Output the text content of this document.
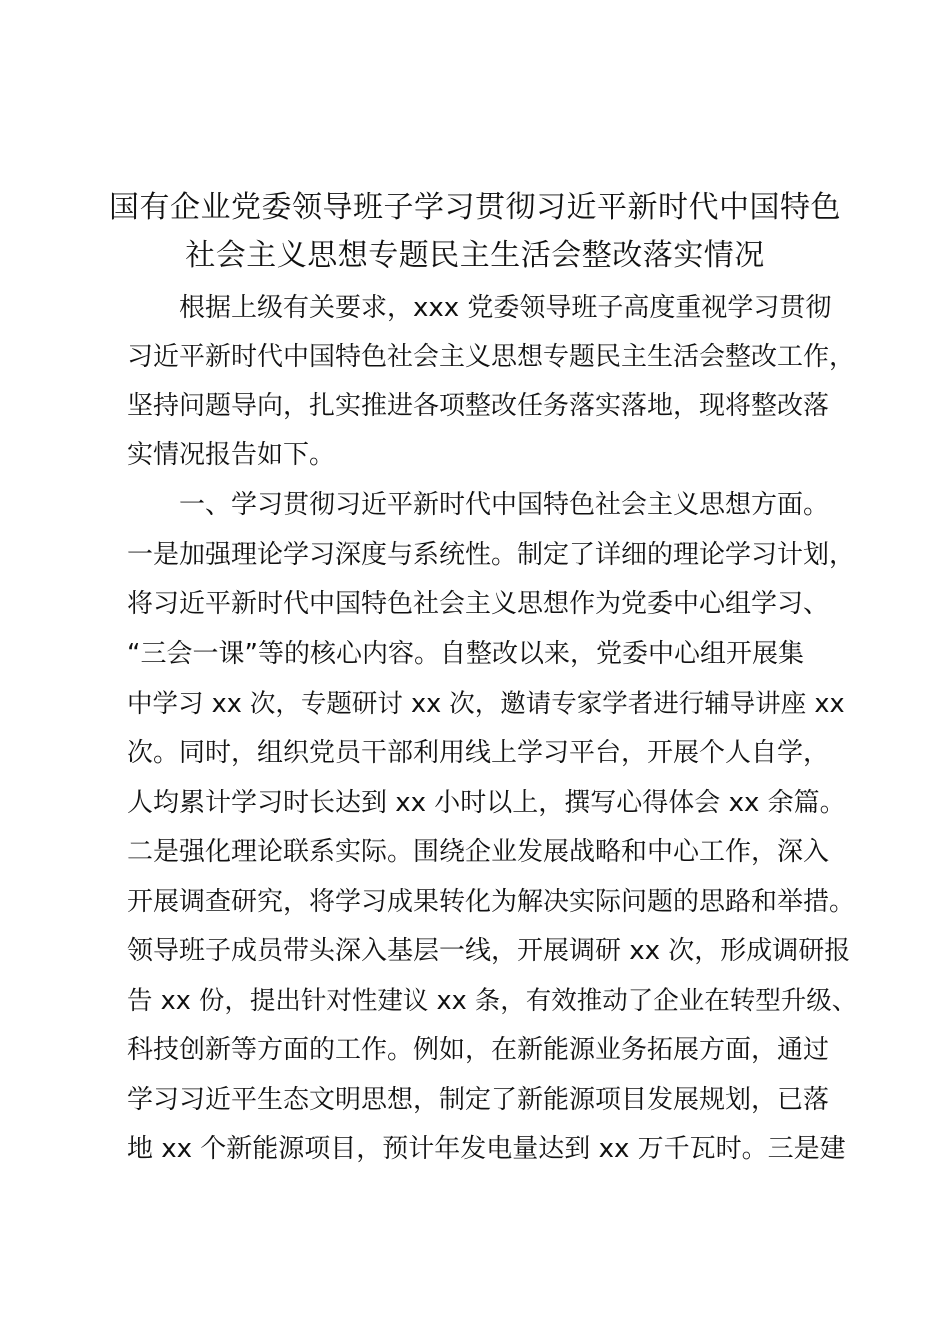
国有企业党委领导班子学习贯彻习近平新时代中国特色
社会主义思想专题民主生活会整改落实情况
根据上级有关要求，xxx 党委领导班子高度重视学习贯彻
习近平新时代中国特色社会主义思想专题民主生活会整改工作，
坚持问题导向，扎实推进各项整改任务落实落地，现将整改落
实情况报告如下。
一、学习贯彻习近平新时代中国特色社会主义思想方面。
一是加强理论学习深度与系统性。制定了详细的理论学习计划，
将习近平新时代中国特色社会主义思想作为党委中心组学习、
“三会一课”等的核心内容。自整改以来，党委中心组开展集
中学习 xx 次，专题研讨 xx 次，邀请专家学者进行辅导讲座 xx
次。同时，组织党员干部利用线上学习平台，开展个人自学，
人均累计学习时长达到 xx 小时以上，撰写心得体会 xx 余篇。
二是强化理论联系实际。围绕企业发展战略和中心工作，深入
开展调查研究，将学习成果转化为解决实际问题的思路和举措。
领导班子成员带头深入基层一线，开展调研 xx 次，形成调研报
告 xx 份，提出针对性建议 xx 条，有效推动了企业在转型升级、
科技创新等方面的工作。例如，在新能源业务拓展方面，通过
学习习近平生态文明思想，制定了新能源项目发展规划，已落
地 xx 个新能源项目，预计年发电量达到 xx 万千瓦时。三是建
